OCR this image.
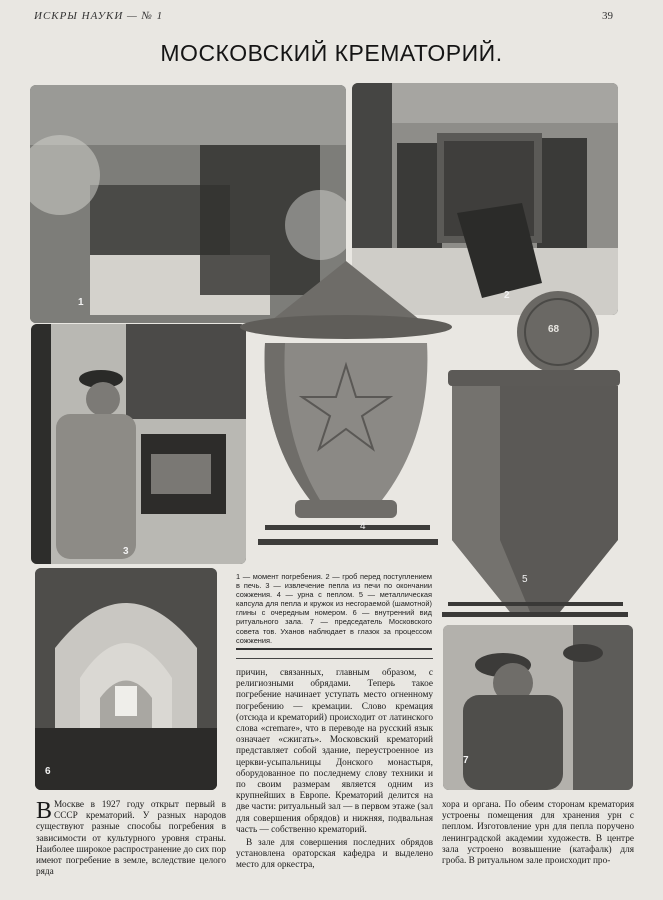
ИСКРЫ НАУКИ — № 1	39
МОСКОВСКИЙ КРЕМАТОРИЙ.
1
2
3
4
68
5
1 — момент погребения. 2 — гроб перед поступлением в печь. 3 — извлечение пепла из печи по окончании сожжения. 4 — урна с пеплом. 5 — металлическая капсула для пепла и кружок из несгораемой (шамотной) глины с очередным номером. 6 — внутренний вид ритуального зала. 7 — председатель Московского совета тов. Уханов наблюдает в глазок за процессом сожжения.
6
7
В Москве в 1927 году открыт первый в СССР крематорий. У разных народов существуют разные способы погребения в зависимости от культурного уровня страны. Наиболее широкое распространение до сих пор имеют погребение в земле, вследствие целого ряда

причин, связанных, главным образом, с религиозными обрядами. Теперь такое погребение начинает уступать место огненному погребению — кремации. Слово кремация (отсюда и крематорий) происходит от латинского слова «cremare», что в переводе на русский язык означает «сжигать». Московский крематорий представляет собой здание, переустроенное из церкви-усыпальницы Донского монастыря, оборудованное по последнему слову техники и по своим размерам является одним из крупнейших в Европе. Крематорий делится на две части: ритуальный зал — в первом этаже (зал для совершения обрядов) и нижняя, подвальная часть — собственно крематорий.

В зале для совершения последних обрядов установлена ораторская кафедра и выделено место для оркестра,

хора и органа. По обеим сторонам крематория устроены помещения для хранения урн с пеплом. Изготовление урн для пепла поручено ленинградской академии художеств. В центре зала устроено возвышение (катафалк) для гроба. В ритуальном зале происходит про-
